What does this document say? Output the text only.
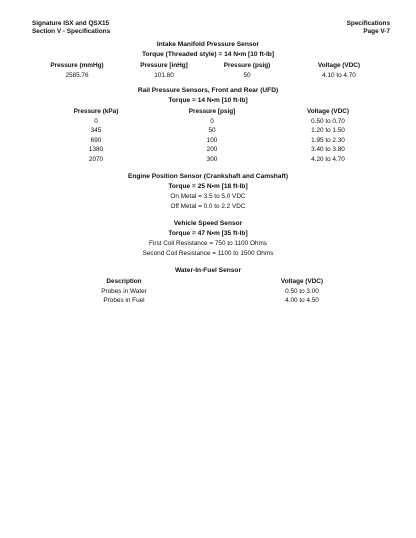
Signature ISX and QSX15
Section V - Specifications
Specifications
Page V-7
Intake Manifold Pressure Sensor
Torque (Threaded style) = 14 N•m [10 ft-lb]
Pressure (mmHg)	Pressure [inHg]	Pressure (psig)	Voltage (VDC)
2585.76	101.80	50	4.10 to 4.70
Rail Pressure Sensors, Front and Rear (UFD)
Torque = 14 N•m [10 ft-lb]
Pressure (kPa)	Pressure [psig]	Voltage (VDC)
0	0	0.50 to 0.70
345	50	1.20 to 1.50
690	100	1.95 to 2.30
1380	200	3.40 to 3.80
2070	300	4.20 to 4.70
Engine Position Sensor (Crankshaft and Camshaft)
Torque = 25 N•m [18 ft-lb]
On Metal = 3.5 to 5.0 VDC
Off Metal = 0.0 to 2.2 VDC
Vehicle Speed Sensor
Torque = 47 N•m [35 ft-lb]
First Coil Resistance = 750 to 1100 Ohms
Second Coil Resistance = 1100 to 1500 Ohms
Water-In-Fuel Sensor
Description	Voltage (VDC)
Probes in Water	0.50 to 3.00
Probes in Fuel	4.00 to 4.50
